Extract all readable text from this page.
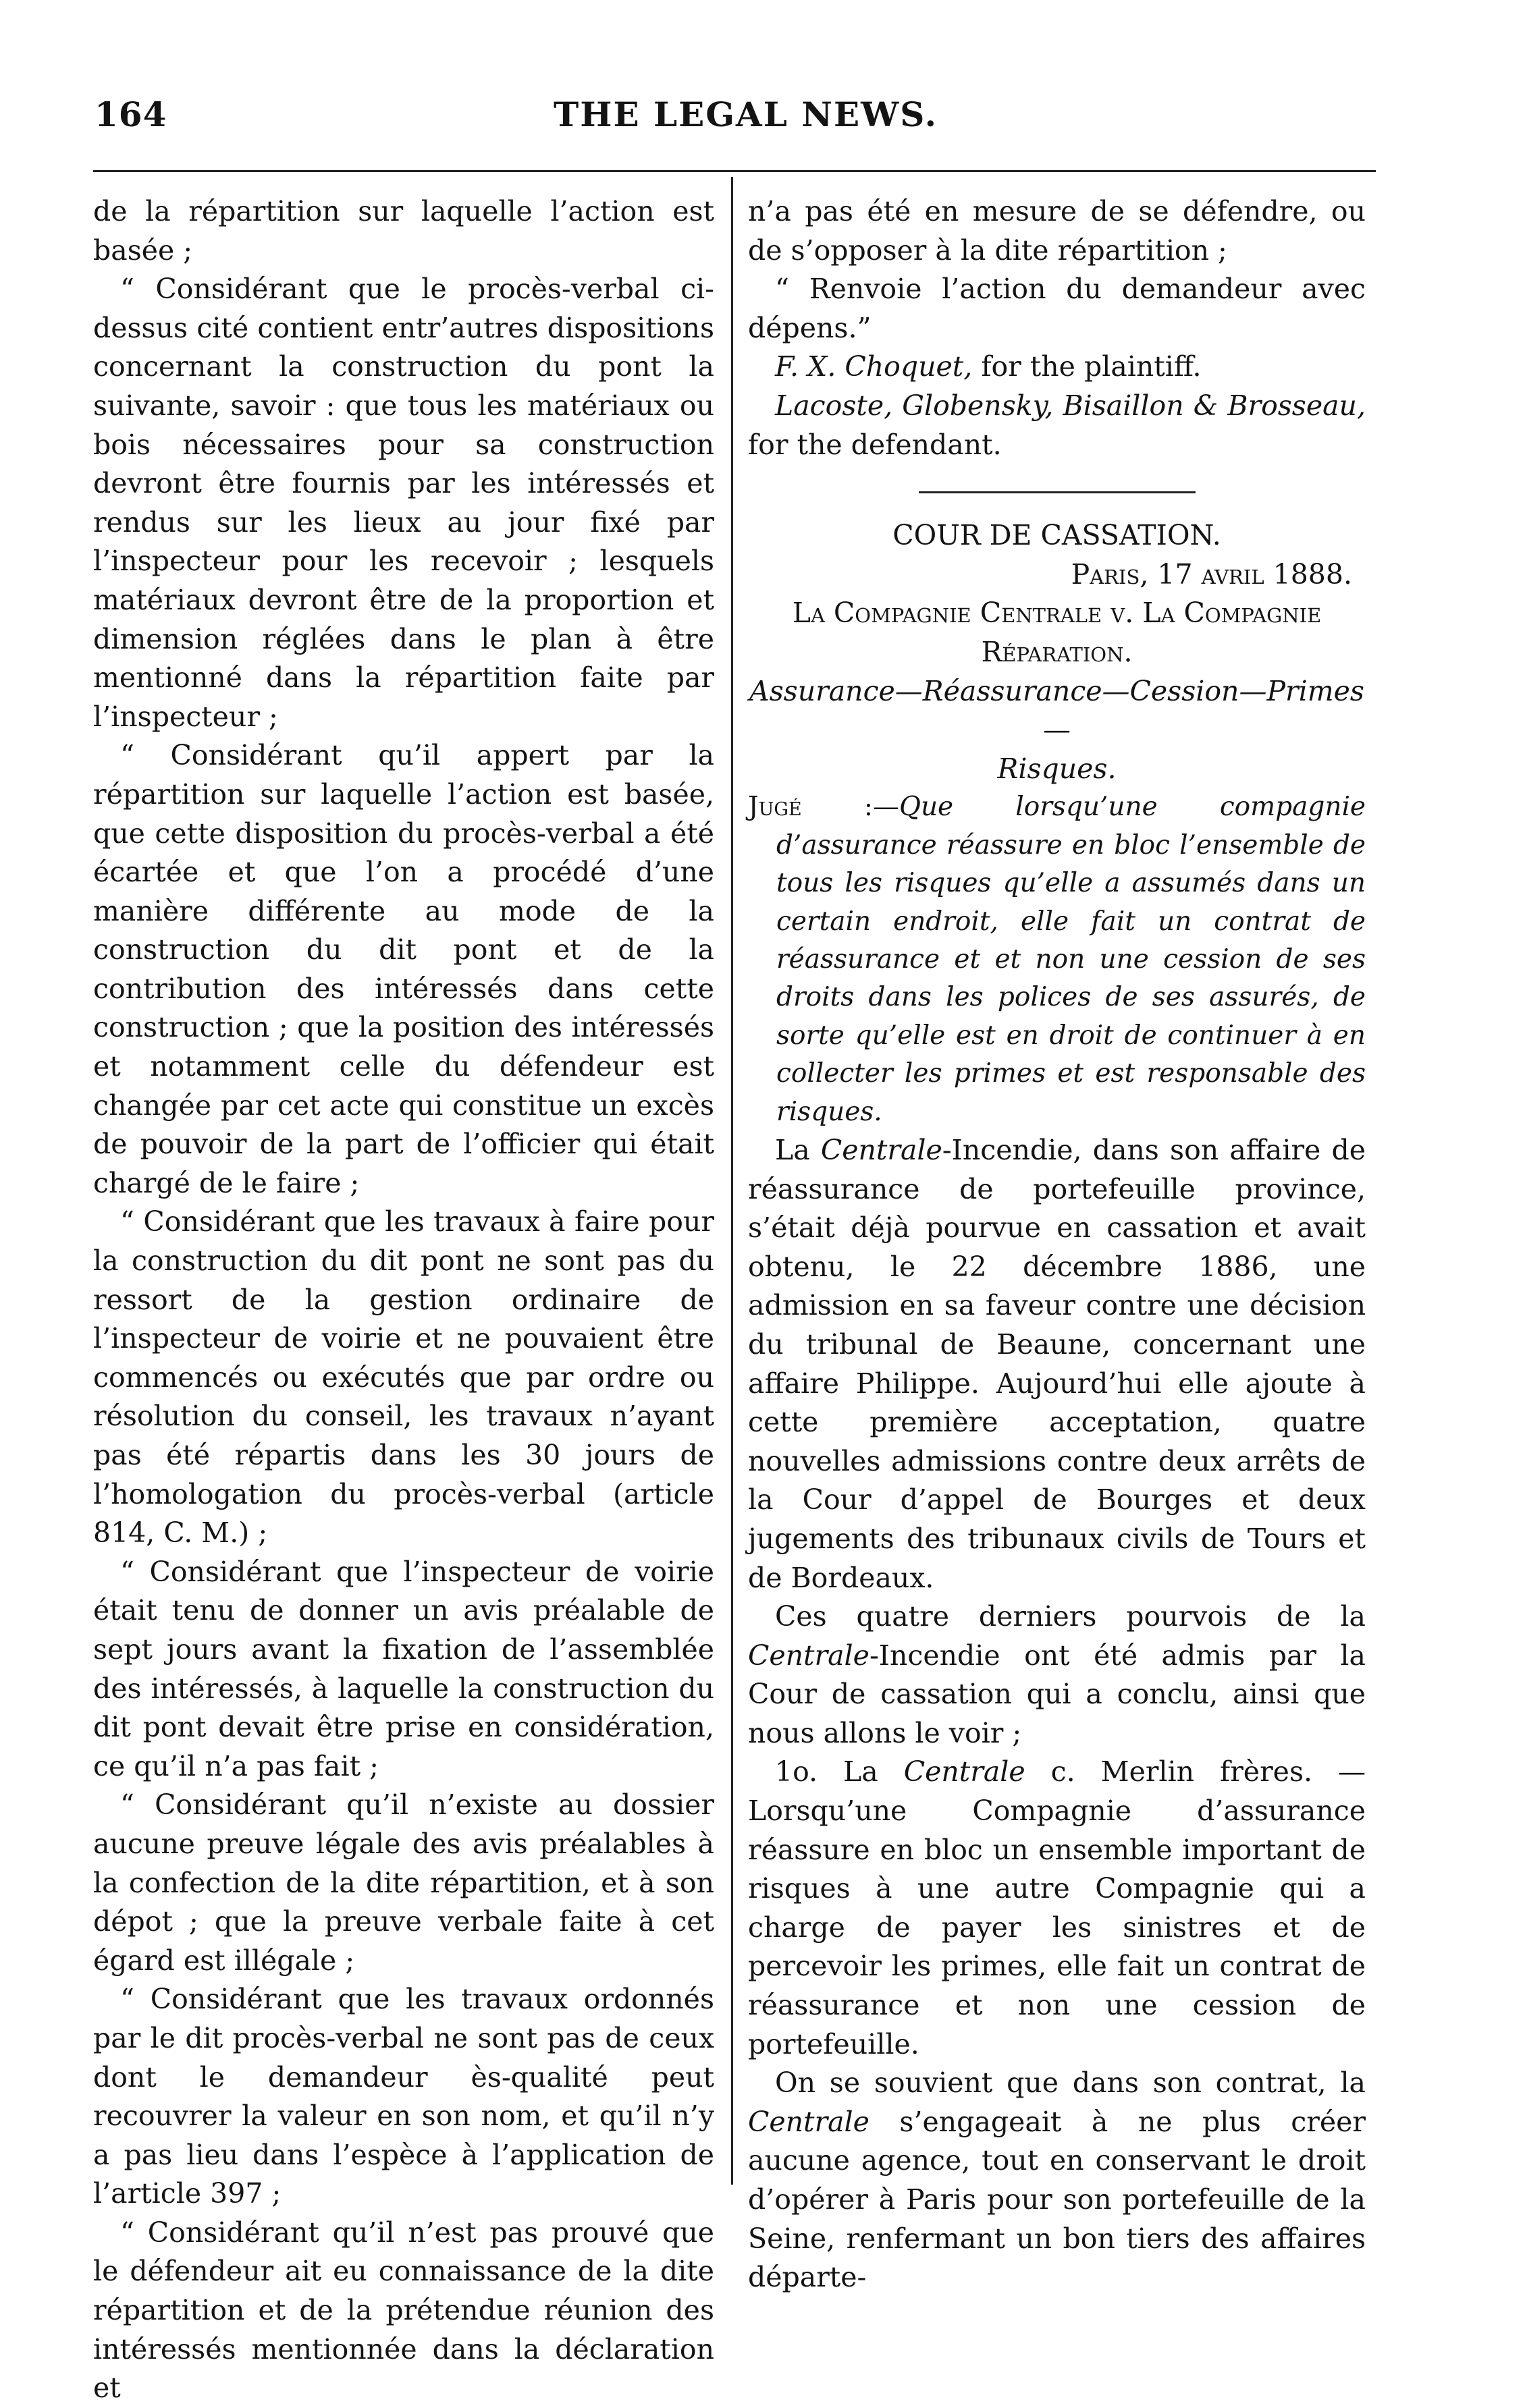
164	THE LEGAL NEWS.

de la répartition sur laquelle l’action est basée ;

“ Considérant que le procès-verbal ci-dessus cité contient entr’autres dispositions concernant la construction du pont la suivante, savoir : que tous les matériaux ou bois nécessaires pour sa construction devront être fournis par les intéressés et rendus sur les lieux au jour fixé par l’inspecteur pour les recevoir ; lesquels matériaux devront être de la proportion et dimension réglées dans le plan à être mentionné dans la répartition faite par l’inspecteur ;

“ Considérant qu’il appert par la répartition sur laquelle l’action est basée, que cette disposition du procès-verbal a été écartée et que l’on a procédé d’une manière différente au mode de la construction du dit pont et de la contribution des intéressés dans cette construction ; que la position des intéressés et notamment celle du défendeur est changée par cet acte qui constitue un excès de pouvoir de la part de l’officier qui était chargé de le faire ;

“ Considérant que les travaux à faire pour la construction du dit pont ne sont pas du ressort de la gestion ordinaire de l’inspecteur de voirie et ne pouvaient être commencés ou exécutés que par ordre ou résolution du conseil, les travaux n’ayant pas été répartis dans les 30 jours de l’homologation du procès-verbal (article 814, C. M.) ;

“ Considérant que l’inspecteur de voirie était tenu de donner un avis préalable de sept jours avant la fixation de l’assemblée des intéressés, à laquelle la construction du dit pont devait être prise en considération, ce qu’il n’a pas fait ;

“ Considérant qu’il n’existe au dossier aucune preuve légale des avis préalables à la confection de la dite répartition, et à son dépot ; que la preuve verbale faite à cet égard est illégale ;

“ Considérant que les travaux ordonnés par le dit procès-verbal ne sont pas de ceux dont le demandeur ès-qualité peut recouvrer la valeur en son nom, et qu’il n’y a pas lieu dans l’espèce à l’application de l’article 397 ;

“ Considérant qu’il n’est pas prouvé que le défendeur ait eu connaissance de la dite répartition et de la prétendue réunion des intéressés mentionnée dans la déclaration et

n’a pas été en mesure de se défendre, ou de s’opposer à la dite répartition ;

“ Renvoie l’action du demandeur avec dépens.”

F. X. Choquet, for the plaintiff.

Lacoste, Globensky, Bisaillon & Brosseau, for the defendant.

COUR DE CASSATION.

Paris, 17 avril 1888.

La Compagnie Centrale v. La Compagnie Réparation.

Assurance—Réassurance—Cession—Primes—
Risques.

Jugé :—Que lorsqu’une compagnie d’assurance réassure en bloc l’ensemble de tous les risques qu’elle a assumés dans un certain endroit, elle fait un contrat de réassurance et et non une cession de ses droits dans les polices de ses assurés, de sorte qu’elle est en droit de continuer à en collecter les primes et est responsable des risques.

La Centrale-Incendie, dans son affaire de réassurance de portefeuille province, s’était déjà pourvue en cassation et avait obtenu, le 22 décembre 1886, une admission en sa faveur contre une décision du tribunal de Beaune, concernant une affaire Philippe. Aujourd’hui elle ajoute à cette première acceptation, quatre nouvelles admissions contre deux arrêts de la Cour d’appel de Bourges et deux jugements des tribunaux civils de Tours et de Bordeaux.

Ces quatre derniers pourvois de la Centrale-Incendie ont été admis par la Cour de cassation qui a conclu, ainsi que nous allons le voir ;

1o. La Centrale c. Merlin frères. — Lorsqu’une Compagnie d’assurance réassure en bloc un ensemble important de risques à une autre Compagnie qui a charge de payer les sinistres et de percevoir les primes, elle fait un contrat de réassurance et non une cession de portefeuille.

On se souvient que dans son contrat, la Centrale s’engageait à ne plus créer aucune agence, tout en conservant le droit d’opérer à Paris pour son portefeuille de la Seine, renfermant un bon tiers des affaires départe-
